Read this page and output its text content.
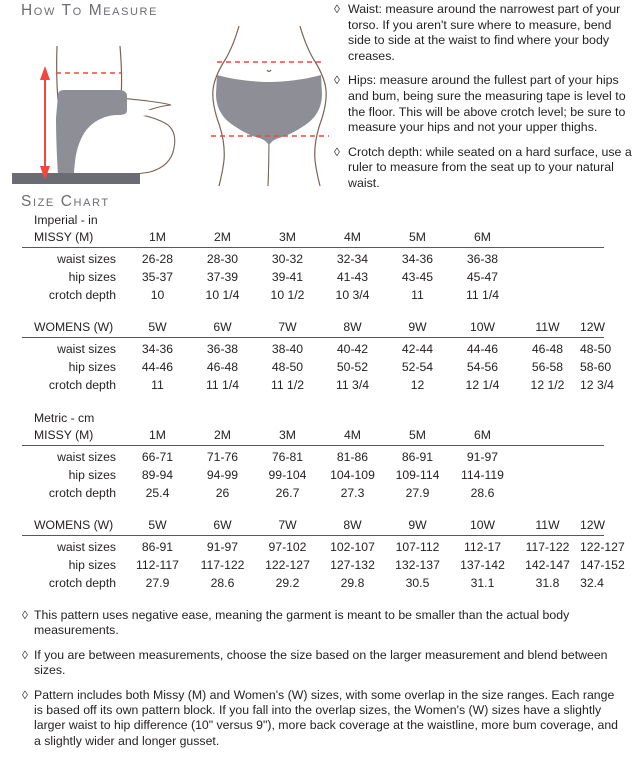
How To Measure
Size Chart
◊ Waist: measure around the narrowest part of your torso. If you aren't sure where to measure, bend side to side at the waist to find where your body creases.
◊ Hips: measure around the fullest part of your hips and bum, being sure the measuring tape is level to the floor. This will be above crotch level; be sure to measure your hips and not your upper thighs.
◊ Crotch depth: while seated on a hard surface, use a ruler to measure from the seat up to your natural waist.
Imperial - in
MISSY (M)	1M	2M	3M	4M	5M	6M	
waist sizes	26-28	28-30	30-32	32-34	34-36	36-38	
hip sizes	35-37	37-39	39-41	41-43	43-45	45-47	
crotch depth	10	10 1/4	10 1/2	10 3/4	11	11 1/4	
WOMENS (W)	5W	6W	7W	8W	9W	10W	11W	12W
waist sizes	34-36	36-38	38-40	40-42	42-44	44-46	46-48	48-50
hip sizes	44-46	46-48	48-50	50-52	52-54	54-56	56-58	58-60
crotch depth	11	11 1/4	11 1/2	11 3/4	12	12 1/4	12 1/2	12 3/4
Metric - cm
MISSY (M)	1M	2M	3M	4M	5M	6M	
waist sizes	66-71	71-76	76-81	81-86	86-91	91-97	
hip sizes	89-94	94-99	99-104	104-109	109-114	114-119	
crotch depth	25.4	26	26.7	27.3	27.9	28.6	
WOMENS (W)	5W	6W	7W	8W	9W	10W	11W	12W
waist sizes	86-91	91-97	97-102	102-107	107-112	112-17	117-122	122-127
hip sizes	112-117	117-122	122-127	127-132	132-137	137-142	142-147	147-152
crotch depth	27.9	28.6	29.2	29.8	30.5	31.1	31.8	32.4
◊ This pattern uses negative ease, meaning the garment is meant to be smaller than the actual body measurements.
◊ If you are between measurements, choose the size based on the larger measurement and blend between sizes.
◊ Pattern includes both Missy (M) and Women's (W) sizes, with some overlap in the size ranges. Each range is based off its own pattern block. If you fall into the overlap sizes, the Women's (W) sizes have a slightly larger waist to hip difference (10" versus 9"), more back coverage at the waistline, more bum coverage, and a slightly wider and longer gusset.
